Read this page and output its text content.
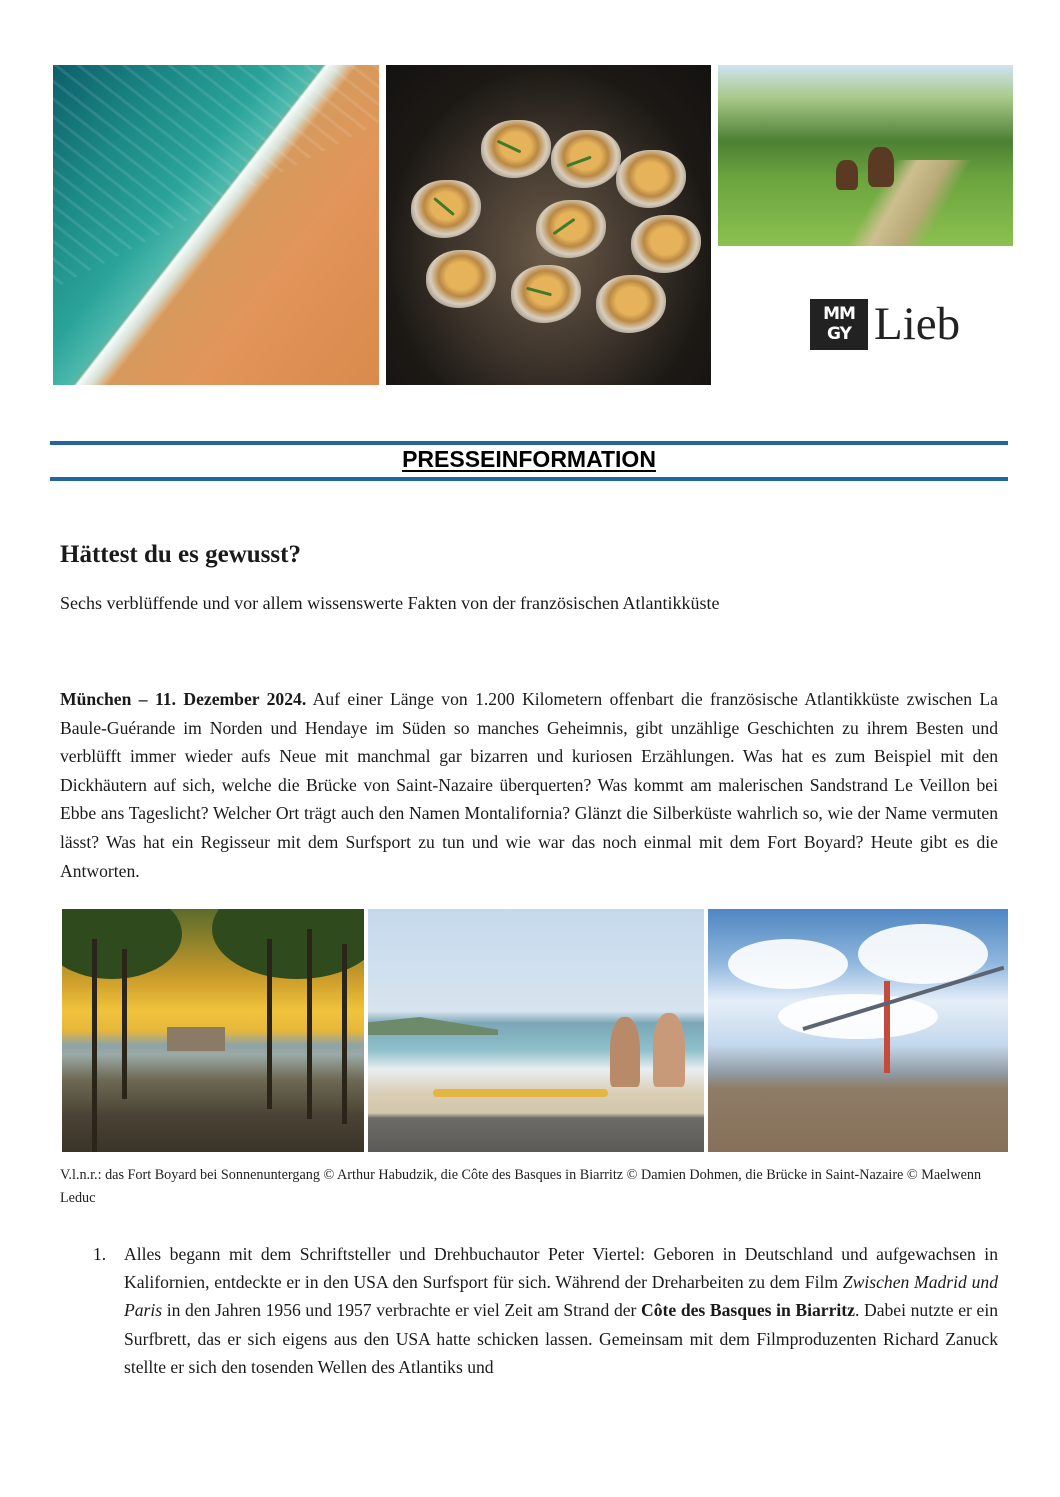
MM
GY Lieb
PRESSEINFORMATION
Hättest du es gewusst?

Sechs verblüffende und vor allem wissenswerte Fakten von der französischen Atlantikküste

München – 11. Dezember 2024. Auf einer Länge von 1.200 Kilometern offenbart die französische Atlantikküste zwischen La Baule-Guérande im Norden und Hendaye im Süden so manches Geheimnis, gibt unzählige Geschichten zu ihrem Besten und verblüfft immer wieder aufs Neue mit manchmal gar bizarren und kuriosen Erzählungen. Was hat es zum Beispiel mit den Dickhäutern auf sich, welche die Brücke von Saint-Nazaire überquerten? Was kommt am malerischen Sandstrand Le Veillon bei Ebbe ans Tageslicht? Welcher Ort trägt auch den Namen Montalifornia? Glänzt die Silberküste wahrlich so, wie der Name vermuten lässt? Was hat ein Regisseur mit dem Surfsport zu tun und wie war das noch einmal mit dem Fort Boyard? Heute gibt es die Antworten.

V.l.n.r.: das Fort Boyard bei Sonnenuntergang © Arthur Habudzik, die Côte des Basques in Biarritz © Damien Dohmen, die Brücke in Saint-Nazaire © Maelwenn Leduc

1. Alles begann mit dem Schriftsteller und Drehbuchautor Peter Viertel: Geboren in Deutschland und aufgewachsen in Kalifornien, entdeckte er in den USA den Surfsport für sich. Während der Dreharbeiten zu dem Film Zwischen Madrid und Paris in den Jahren 1956 und 1957 verbrachte er viel Zeit am Strand der Côte des Basques in Biarritz. Dabei nutzte er ein Surfbrett, das er sich eigens aus den USA hatte schicken lassen. Gemeinsam mit dem Filmproduzenten Richard Zanuck stellte er sich den tosenden Wellen des Atlantiks und
